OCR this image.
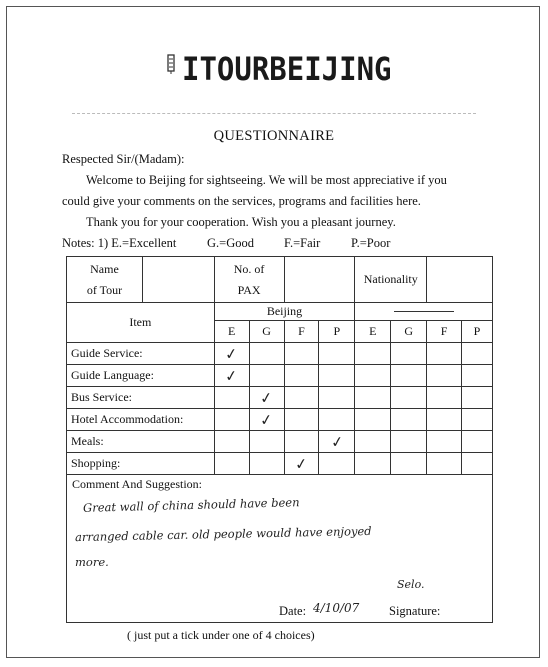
ITOURBEIJING
QUESTIONNAIRE
Respected Sir/(Madam):
Welcome to Beijing for sightseeing. We will be most appreciative if you
could give your comments on the services, programs and facilities here.
Thank you for your cooperation. Wish you a pleasant journey.
Notes: 1) E.=Excellent G.=Good F.=Fair P.=Poor
Name of Tour		No. of PAX				Nationality			
Item		Beijing							

		E	G	F	P	E	G	F	P
Guide Service:		✓							
Guide Language:		✓							
Bus Service:			✓						
Hotel Accommodation:			✓						
Meals:					✓				
Shopping:				✓					
Comment And Suggestion:
Great wall of china should have been
arranged cable car. old people would have enjoyed
more.
Selo.
Date: 4/10/07 Signature:
( just put a tick under one of 4 choices)
